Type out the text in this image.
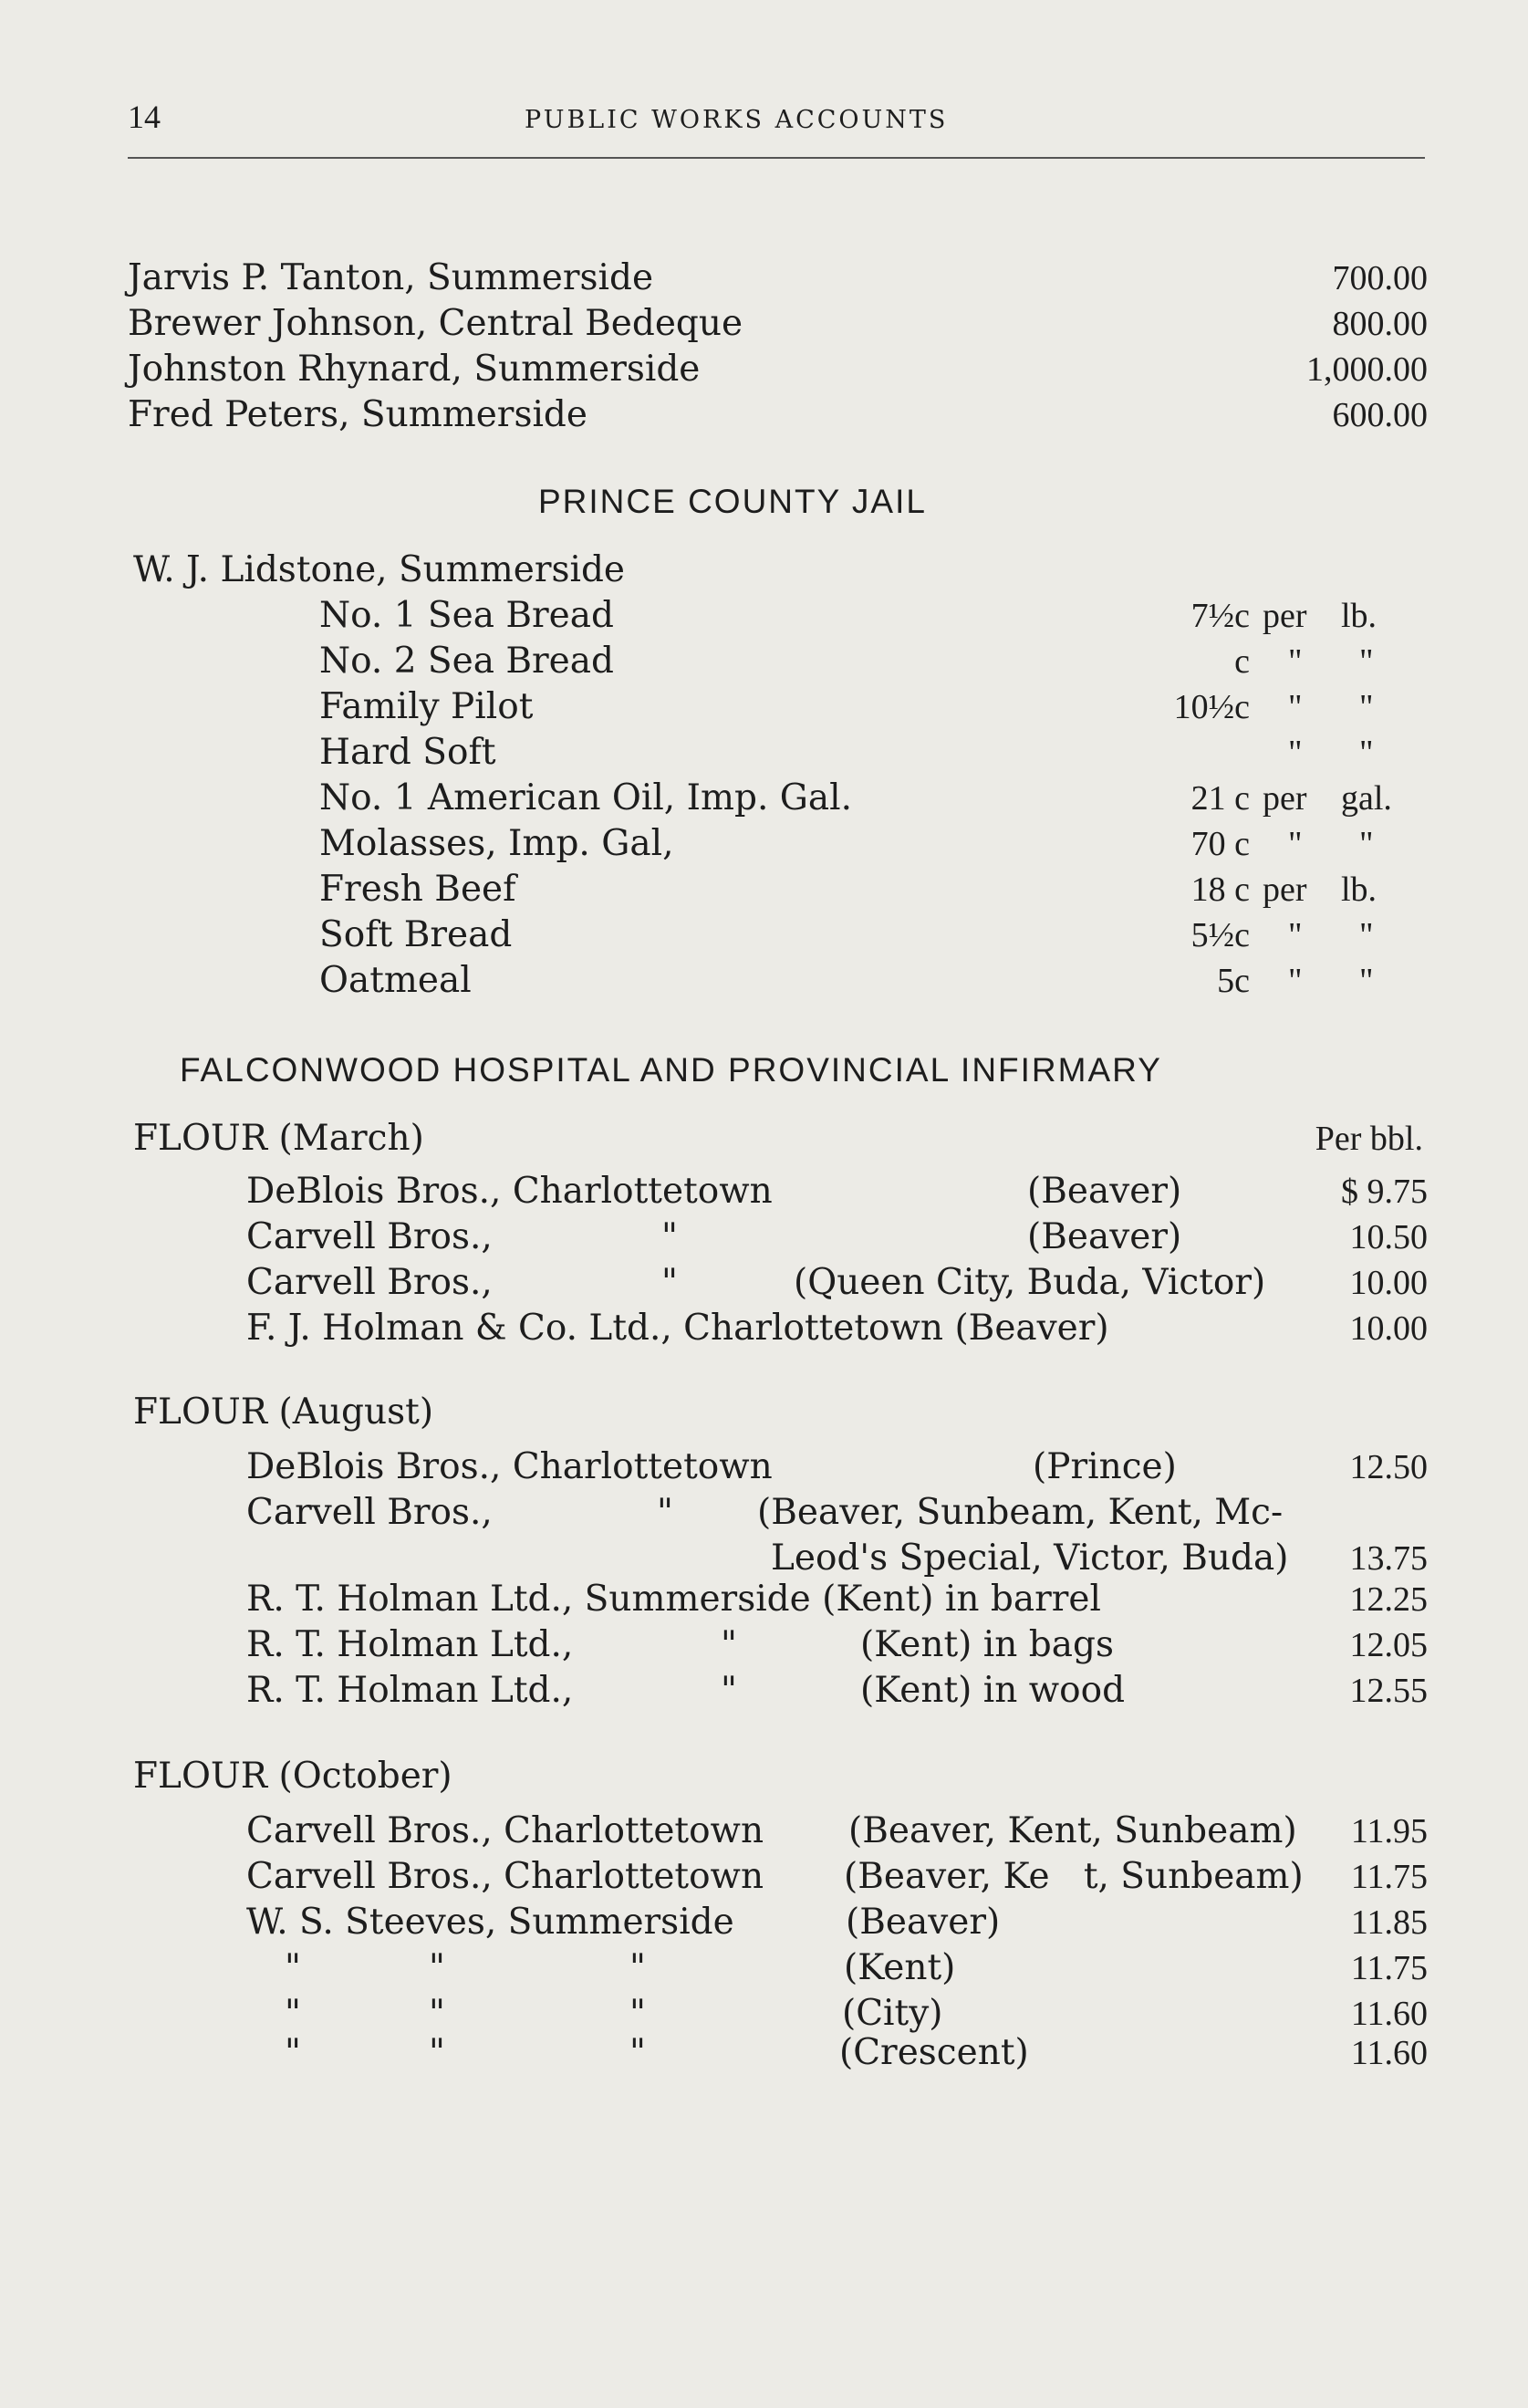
14	PUBLIC WORKS ACCOUNTS
Jarvis P. Tanton, Summerside	700.00
Brewer Johnson, Central Bedeque	800.00
Johnston Rhynard, Summerside	1,000.00
Fred Peters, Summerside	600.00
PRINCE COUNTY JAIL
W. J. Lidstone, Summerside
No. 1 Sea Bread	7½c per lb.
No. 2 Sea Bread	c " "
Family Pilot	10½c " "
Hard Soft	" "
No. 1 American Oil, Imp. Gal.	21 c per gal.
Molasses, Imp. Gal,	70 c " "
Fresh Beef	18 c per lb.
Soft Bread	5½c " "
Oatmeal	5c " "
FALCONWOOD HOSPITAL AND PROVINCIAL INFIRMARY
FLOUR (March)	Per bbl.
DeBlois Bros., Charlottetown	(Beaver)	$ 9.75
Carvell Bros.,	"	(Beaver)	10.50
Carvell Bros.,	"	(Queen City, Buda, Victor)	10.00
F. J. Holman & Co. Ltd., Charlottetown (Beaver)	10.00
FLOUR (August)
DeBlois Bros., Charlottetown	(Prince)	12.50
Carvell Bros.,	" (Beaver, Sunbeam, Kent, Mc-
Leod's Special, Victor, Buda)	13.75
R. T. Holman Ltd., Summerside (Kent) in barrel	12.25
R. T. Holman Ltd.,	"	(Kent) in bags	12.05
R. T. Holman Ltd.,	"	(Kent) in wood	12.55
FLOUR (October)
Carvell Bros., Charlottetown (Beaver, Kent, Sunbeam)	11.95
Carvell Bros., Charlottetown (Beaver, Ke   t, Sunbeam)	11.75
W. S. Steeves, Summerside	(Beaver)	11.85
"	"	"	(Kent)	11.75
"	"	"	(City)	11.60
"	"	"	(Crescent)	11.60
